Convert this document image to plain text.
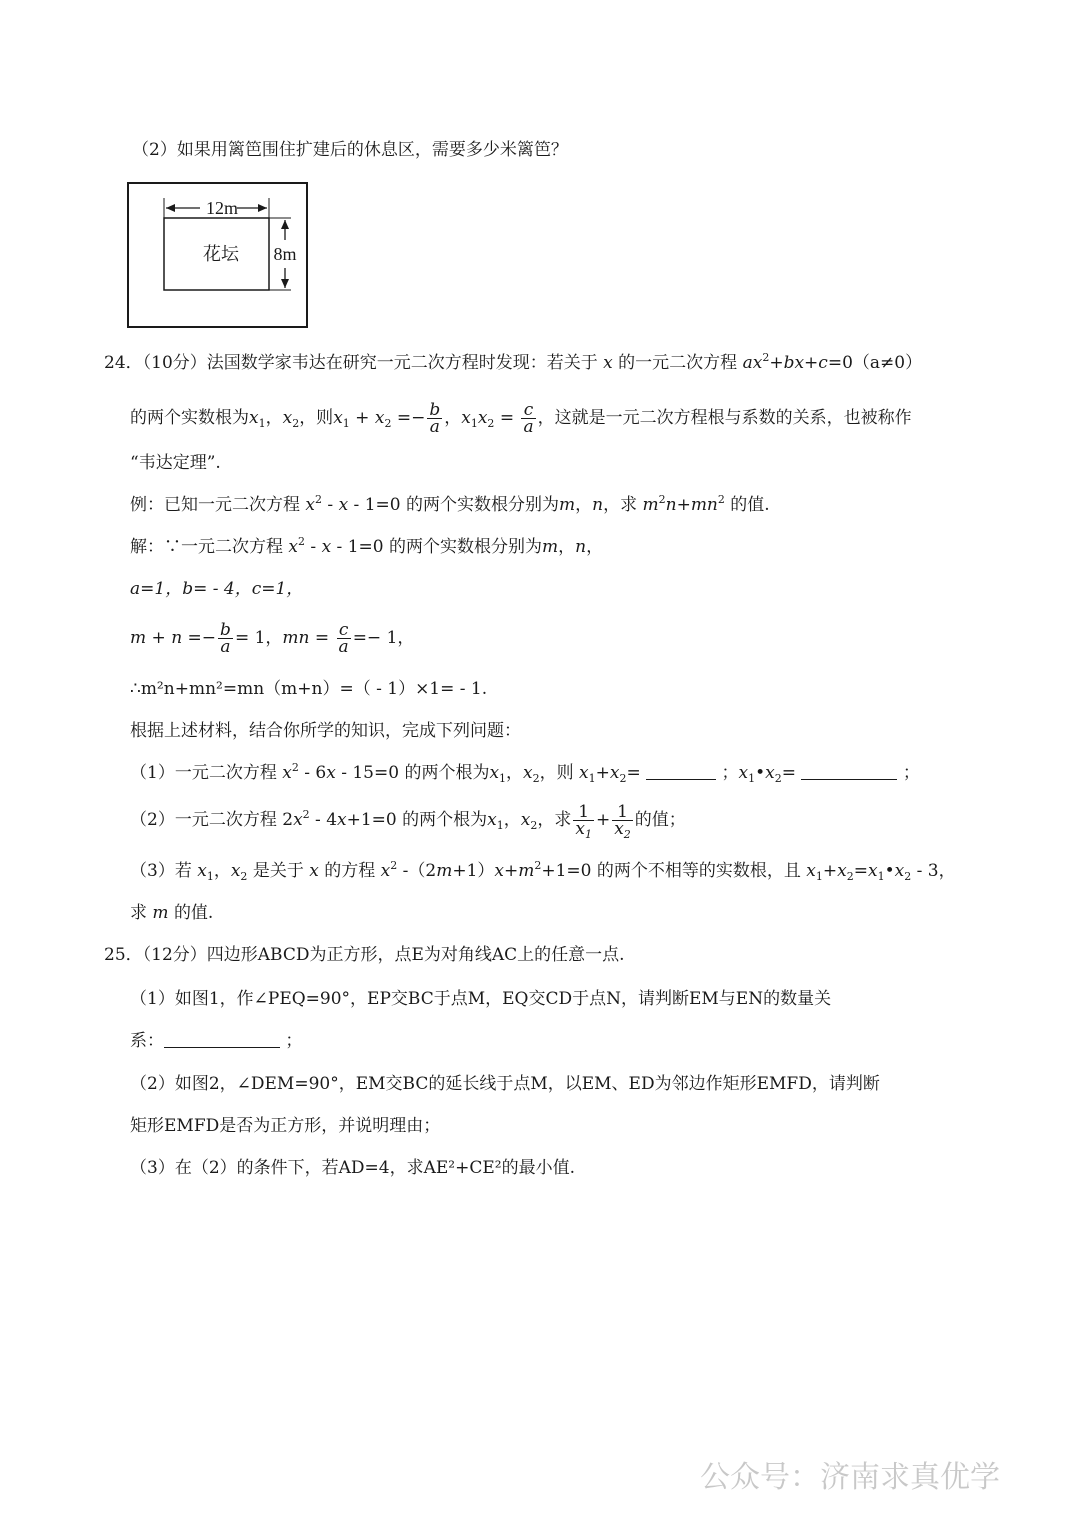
（2）如果用篱笆围住扩建后的休息区，需要多少米篱笆？
12m
8m
花坛
24．（10分）法国数学家韦达在研究一元二次方程时发现：若关于 x 的一元二次方程 $ax^2+bx+c=0(a\ne 0)$
的两个实数根为$x_1$，$x_2$，则$x_1 + x_2 =- \frac{b}{a}$ ，$x_1x_2 = \frac{c}{a}$ ，这就是一元二次方程根与系数的关系，也被称作
“韦达定理”.
例：已知一元二次方程 $x^2 - x - 1=0$ 的两个实数根分别为m，n，求 $m^2n+mn^2$ 的值.
解：∵一元二次方程 $x^2 - x - 1=0$ 的两个实数根分别为m，n，
a=1，b= - 4，c=1，
$m + n =- \frac{b}{a} = 1$，mn = $\frac{c}{a} =- 1$，
∴m²n+mn²=mn（m+n）=（ - 1）×1= - 1.
根据上述材料，结合你所学的知识，完成下列问题：
（1）一元二次方程 $x^2 - 6x - 15=0$ 的两个根为$x_1$，$x_2$，则 $x_1+x_2=$	；$x_1•x_2=$	；
（2）一元二次方程 $2x^2 - 4x+1=0$ 的两个根为$x_1$，$x_2$，求 $\frac{1}{x_1} + \frac{1}{x_2}$ 的值；
（3）若 $x_1$，$x_2$ 是关于 x 的方程 $x^2$ $-(2m+1)x+m^2+1=0$ 的两个不相等的实数根，且 $x_1+x_2=x_1•x_2 - 3$，
求 m 的值.
25．（12分）四边形ABCD为正方形，点E为对角线AC上的任意一点.
（1）如图1，作∠PEQ=90°，EP交BC于点M，EQ交CD于点N，请判断EM与EN的数量关
系：	；
（2）如图2，∠DEM=90°，EM交BC的延长线于点M，以EM、ED为邻边作矩形EMFD，请判断
矩形EMFD是否为正方形，并说明理由；
（3）在（2）的条件下，若AD=4，求AE²+CE²的最小值.
公众号：济南求真优学
